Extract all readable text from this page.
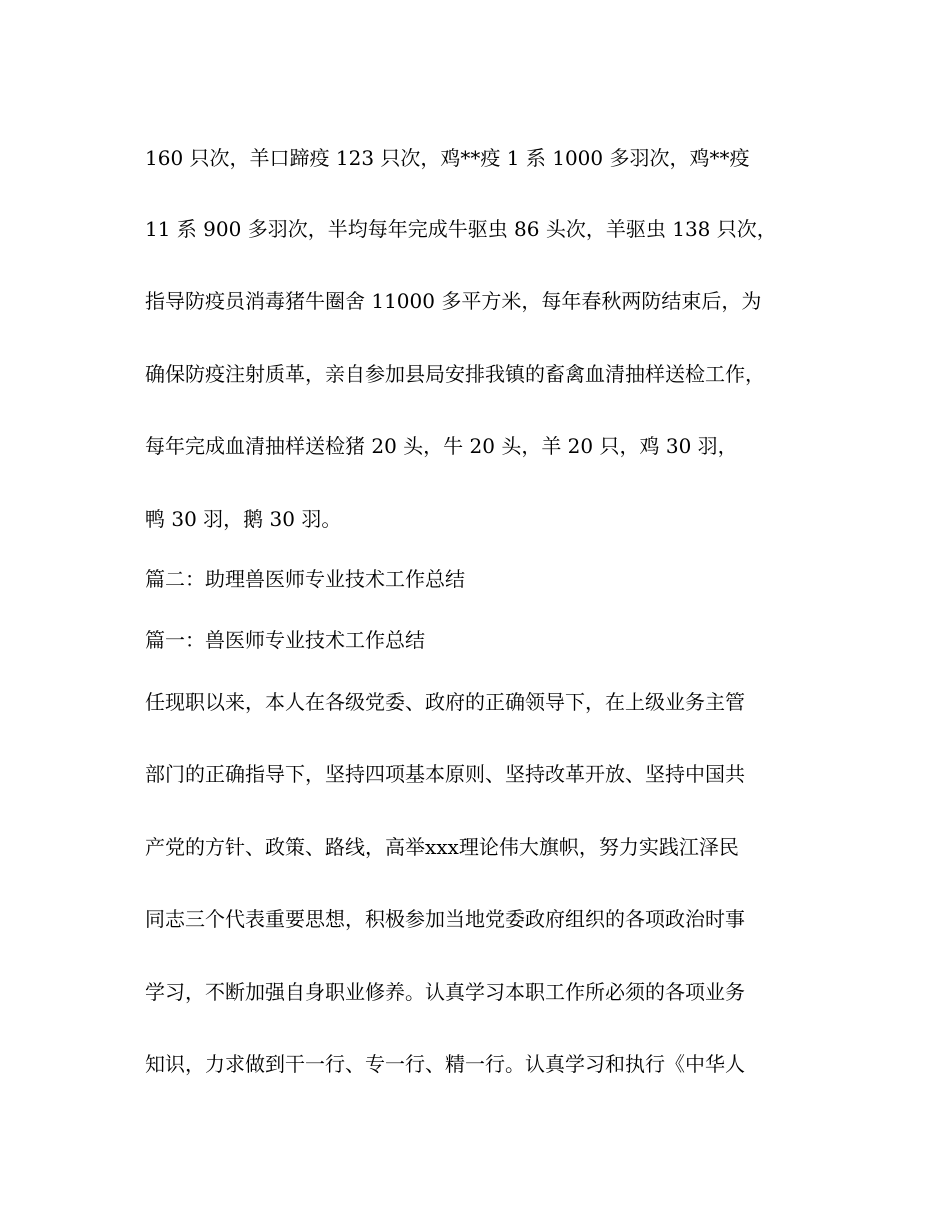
160 只次，羊口蹄疫 123 只次，鸡**疫 1 系 1000 多羽次，鸡**疫
11 系 900 多羽次，半均每年完成牛驱虫 86 头次，羊驱虫 138 只次，
指导防疫员消毒猪牛圈舍 11000 多平方米，每年春秋两防结束后，为
确保防疫注射质革，亲自参加县局安排我镇的畜禽血清抽样送检工作，
每年完成血清抽样送检猪 20 头，牛 20 头，羊 20 只，鸡 30 羽，
鸭 30 羽，鹅 30 羽。
篇二：助理兽医师专业技术工作总结
篇一：兽医师专业技术工作总结
任现职以来，本人在各级党委、政府的正确领导下，在上级业务主管
部门的正确指导下，坚持四项基本原则、坚持改革开放、坚持中国共
产党的方针、政策、路线，高举xxx理论伟大旗帜，努力实践江泽民
同志三个代表重要思想，积极参加当地党委政府组织的各项政治时事
学习，不断加强自身职业修养。认真学习本职工作所必须的各项业务
知识，力求做到干一行、专一行、精一行。认真学习和执行《中华人
